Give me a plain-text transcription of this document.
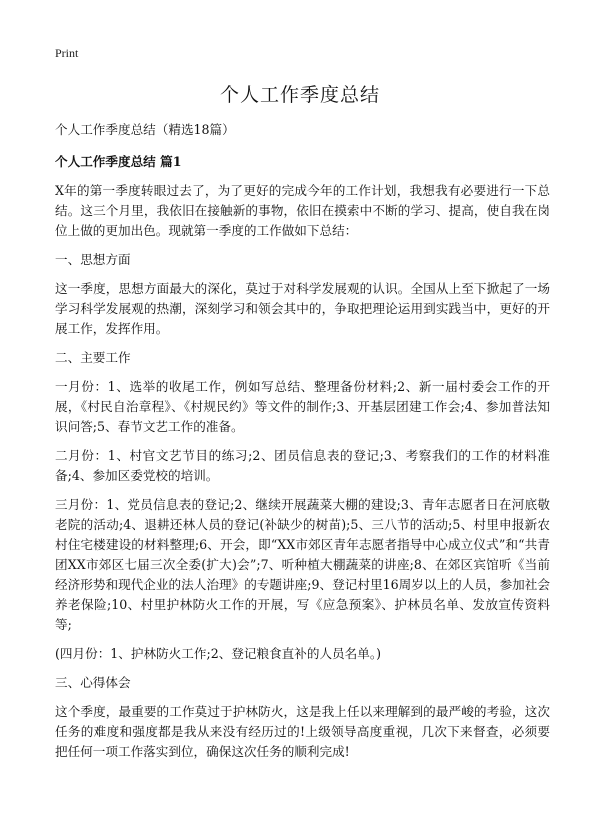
Print
个人工作季度总结

个人工作季度总结（精选18篇）

个人工作季度总结 篇1

X年的第一季度转眼过去了，为了更好的完成今年的工作计划，我想我有必要进行一下总结。这三个月里，我依旧在接触新的事物，依旧在摸索中不断的学习、提高，使自我在岗位上做的更加出色。现就第一季度的工作做如下总结：

一、思想方面

这一季度，思想方面最大的深化，莫过于对科学发展观的认识。全国从上至下掀起了一场学习科学发展观的热潮，深刻学习和领会其中的，争取把理论运用到实践当中，更好的开展工作，发挥作用。

二、主要工作

一月份：1、选举的收尾工作，例如写总结、整理备份材料;2、新一届村委会工作的开展，《村民自治章程》、《村规民约》等文件的制作;3、开基层团建工作会;4、参加普法知识问答;5、春节文艺工作的准备。

二月份：1、村官文艺节目的练习;2、团员信息表的登记;3、考察我们的工作的材料准备;4、参加区委党校的培训。

三月份：1、党员信息表的登记;2、继续开展蔬菜大棚的建设;3、青年志愿者日在河底敬老院的活动;4、退耕还林人员的登记(补缺少的树苗);5、三八节的活动;5、村里申报新农村住宅楼建设的材料整理;6、开会，即“XX市郊区青年志愿者指导中心成立仪式”和“共青团XX市郊区七届三次全委(扩大)会”;7、听种植大棚蔬菜的讲座;8、在郊区宾馆听《当前经济形势和现代企业的法人治理》的专题讲座;9、登记村里16周岁以上的人员，参加社会养老保险;10、村里护林防火工作的开展，写《应急预案》、护林员名单、发放宣传资料等;

(四月份：1、护林防火工作;2、登记粮食直补的人员名单。)

三、心得体会

这个季度，最重要的工作莫过于护林防火，这是我上任以来理解到的最严峻的考验，这次任务的难度和强度都是我从来没有经历过的!上级领导高度重视，几次下来督查，必须要把任何一项工作落实到位，确保这次任务的顺利完成!
